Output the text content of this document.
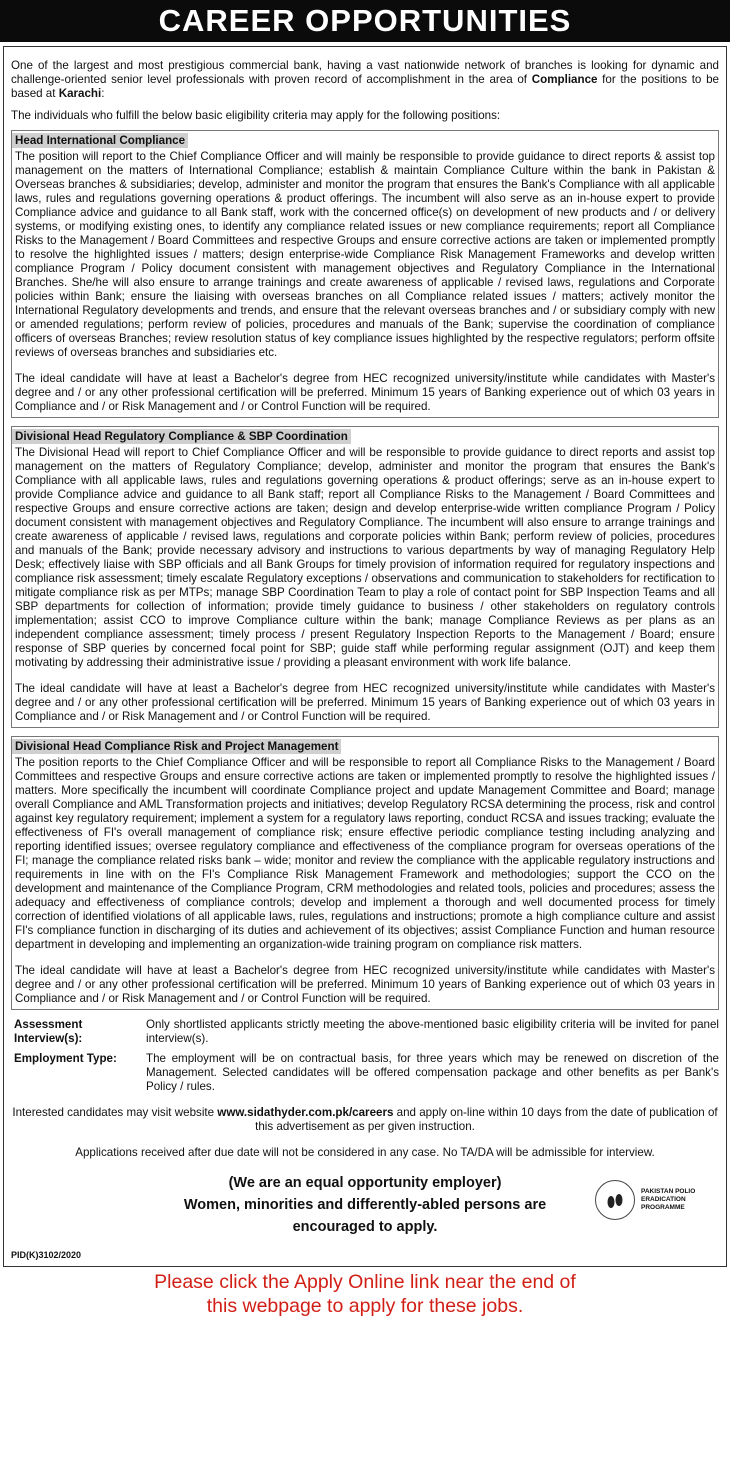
CAREER OPPORTUNITIES

One of the largest and most prestigious commercial bank, having a vast nationwide network of branches is looking for dynamic and challenge-oriented senior level professionals with proven record of accomplishment in the area of Compliance for the positions to be based at Karachi:

The individuals who fulfill the below basic eligibility criteria may apply for the following positions:

Head International Compliance

The position will report to the Chief Compliance Officer and will mainly be responsible to provide guidance to direct reports & assist top management on the matters of International Compliance; establish & maintain Compliance Culture within the bank in Pakistan & Overseas branches & subsidiaries; develop, administer and monitor the program that ensures the Bank's Compliance with all applicable laws, rules and regulations governing operations & product offerings. The incumbent will also serve as an in-house expert to provide Compliance advice and guidance to all Bank staff, work with the concerned office(s) on development of new products and / or delivery systems, or modifying existing ones, to identify any compliance related issues or new compliance requirements; report all Compliance Risks to the Management / Board Committees and respective Groups and ensure corrective actions are taken or implemented promptly to resolve the highlighted issues / matters; design enterprise-wide Compliance Risk Management Frameworks and develop written compliance Program / Policy document consistent with management objectives and Regulatory Compliance in the International Branches. She/he will also ensure to arrange trainings and create awareness of applicable / revised laws, regulations and Corporate policies within Bank; ensure the liaising with overseas branches on all Compliance related issues / matters; actively monitor the International Regulatory developments and trends, and ensure that the relevant overseas branches and / or subsidiary comply with new or amended regulations; perform review of policies, procedures and manuals of the Bank; supervise the coordination of compliance officers of overseas Branches; review resolution status of key compliance issues highlighted by the respective regulators; perform offsite reviews of overseas branches and subsidiaries etc.

The ideal candidate will have at least a Bachelor's degree from HEC recognized university/institute while candidates with Master's degree and / or any other professional certification will be preferred. Minimum 15 years of Banking experience out of which 03 years in Compliance and / or Risk Management and / or Control Function will be required.

Divisional Head Regulatory Compliance & SBP Coordination

The Divisional Head will report to Chief Compliance Officer and will be responsible to provide guidance to direct reports and assist top management on the matters of Regulatory Compliance; develop, administer and monitor the program that ensures the Bank's Compliance with all applicable laws, rules and regulations governing operations & product offerings; serve as an in-house expert to provide Compliance advice and guidance to all Bank staff; report all Compliance Risks to the Management / Board Committees and respective Groups and ensure corrective actions are taken; design and develop enterprise-wide written compliance Program / Policy document consistent with management objectives and Regulatory Compliance. The incumbent will also ensure to arrange trainings and create awareness of applicable / revised laws, regulations and corporate policies within Bank; perform review of policies, procedures and manuals of the Bank; provide necessary advisory and instructions to various departments by way of managing Regulatory Help Desk; effectively liaise with SBP officials and all Bank Groups for timely provision of information required for regulatory inspections and compliance risk assessment; timely escalate Regulatory exceptions / observations and communication to stakeholders for rectification to mitigate compliance risk as per MTPs; manage SBP Coordination Team to play a role of contact point for SBP Inspection Teams and all SBP departments for collection of information; provide timely guidance to business / other stakeholders on regulatory controls implementation; assist CCO to improve Compliance culture within the bank; manage Compliance Reviews as per plans as an independent compliance assessment; timely process / present Regulatory Inspection Reports to the Management / Board; ensure response of SBP queries by concerned focal point for SBP; guide staff while performing regular assignment (OJT) and keep them motivating by addressing their administrative issue / providing a pleasant environment with work life balance.

The ideal candidate will have at least a Bachelor's degree from HEC recognized university/institute while candidates with Master's degree and / or any other professional certification will be preferred. Minimum 15 years of Banking experience out of which 03 years in Compliance and / or Risk Management and / or Control Function will be required.

Divisional Head Compliance Risk and Project Management

The position reports to the Chief Compliance Officer and will be responsible to report all Compliance Risks to the Management / Board Committees and respective Groups and ensure corrective actions are taken or implemented promptly to resolve the highlighted issues / matters. More specifically the incumbent will coordinate Compliance project and update Management Committee and Board; manage overall Compliance and AML Transformation projects and initiatives; develop Regulatory RCSA determining the process, risk and control against key regulatory requirement; implement a system for a regulatory laws reporting, conduct RCSA and issues tracking; evaluate the effectiveness of FI's overall management of compliance risk; ensure effective periodic compliance testing including analyzing and reporting identified issues; oversee regulatory compliance and effectiveness of the compliance program for overseas operations of the FI; manage the compliance related risks bank – wide; monitor and review the compliance with the applicable regulatory instructions and requirements in line with on the FI's Compliance Risk Management Framework and methodologies; support the CCO on the development and maintenance of the Compliance Program, CRM methodologies and related tools, policies and procedures; assess the adequacy and effectiveness of compliance controls; develop and implement a thorough and well documented process for timely correction of identified violations of all applicable laws, rules, regulations and instructions; promote a high compliance culture and assist FI's compliance function in discharging of its duties and achievement of its objectives; assist Compliance Function and human resource department in developing and implementing an organization-wide training program on compliance risk matters.

The ideal candidate will have at least a Bachelor's degree from HEC recognized university/institute while candidates with Master's degree and / or any other professional certification will be preferred. Minimum 10 years of Banking experience out of which 03 years in Compliance and / or Risk Management and / or Control Function will be required.

Assessment Interview(s):
Only shortlisted applicants strictly meeting the above-mentioned basic eligibility criteria will be invited for panel interview(s).
Employment Type:	The employment will be on contractual basis, for three years which may be renewed on discretion of the Management. Selected candidates will be offered compensation package and other benefits as per Bank's Policy / rules.

Interested candidates may visit website www.sidathyder.com.pk/careers and apply on-line within 10 days from the date of publication of this advertisement as per given instruction.

Applications received after due date will not be considered in any case. No TA/DA will be admissible for interview.

(We are an equal opportunity employer)
Women, minorities and differently-abled persons are
encouraged to apply.
PID(K)3102/2020
PAKISTAN POLIO ERADICATION PROGRAMME
Please click the Apply Online link near the end of
this webpage to apply for these jobs.
